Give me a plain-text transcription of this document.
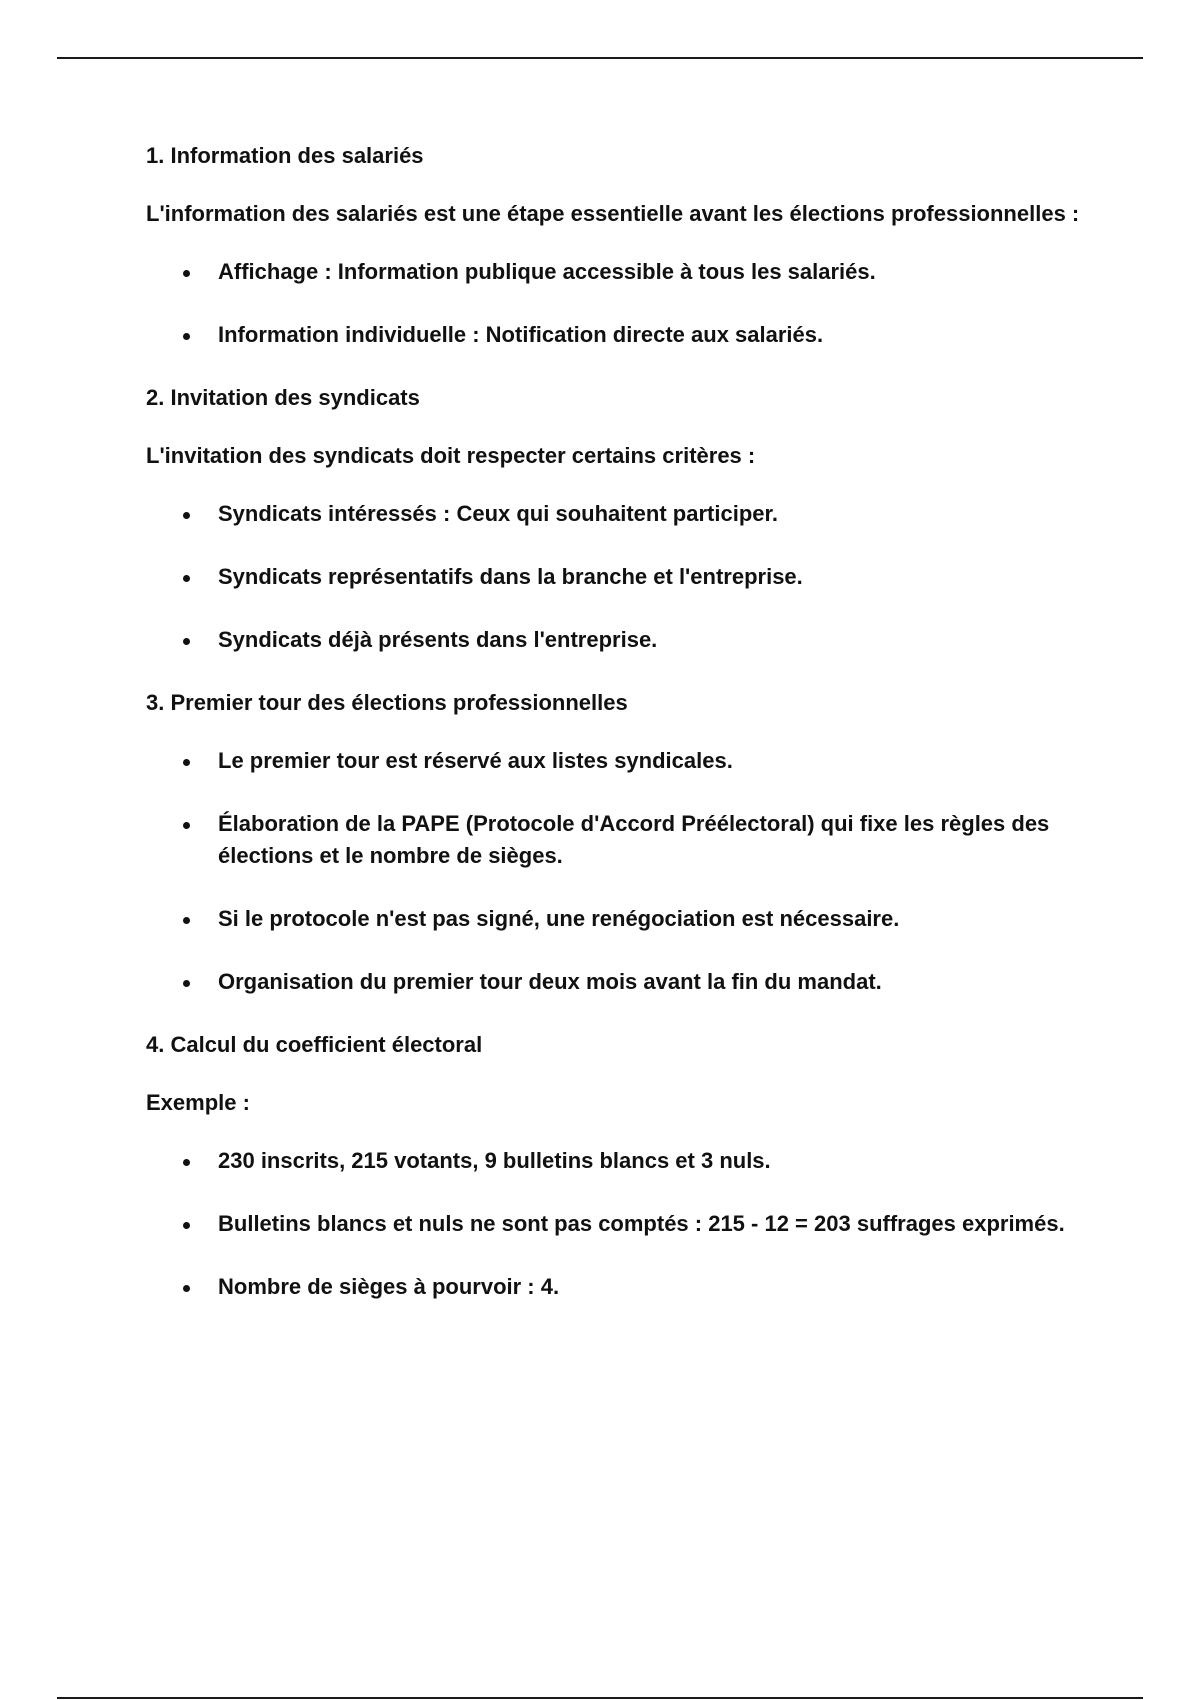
1. Information des salariés

L'information des salariés est une étape essentielle avant les élections professionnelles :

Affichage : Information publique accessible à tous les salariés.
Information individuelle : Notification directe aux salariés.

2. Invitation des syndicats

L'invitation des syndicats doit respecter certains critères :

Syndicats intéressés : Ceux qui souhaitent participer.
Syndicats représentatifs dans la branche et l'entreprise.
Syndicats déjà présents dans l'entreprise.

3. Premier tour des élections professionnelles

Le premier tour est réservé aux listes syndicales.
Élaboration de la PAPE (Protocole d'Accord Préélectoral) qui fixe les règles des élections et le nombre de sièges.
Si le protocole n'est pas signé, une renégociation est nécessaire.
Organisation du premier tour deux mois avant la fin du mandat.

4. Calcul du coefficient électoral

Exemple :

230 inscrits, 215 votants, 9 bulletins blancs et 3 nuls.
Bulletins blancs et nuls ne sont pas comptés : 215 - 12 = 203 suffrages exprimés.
Nombre de sièges à pourvoir : 4.
